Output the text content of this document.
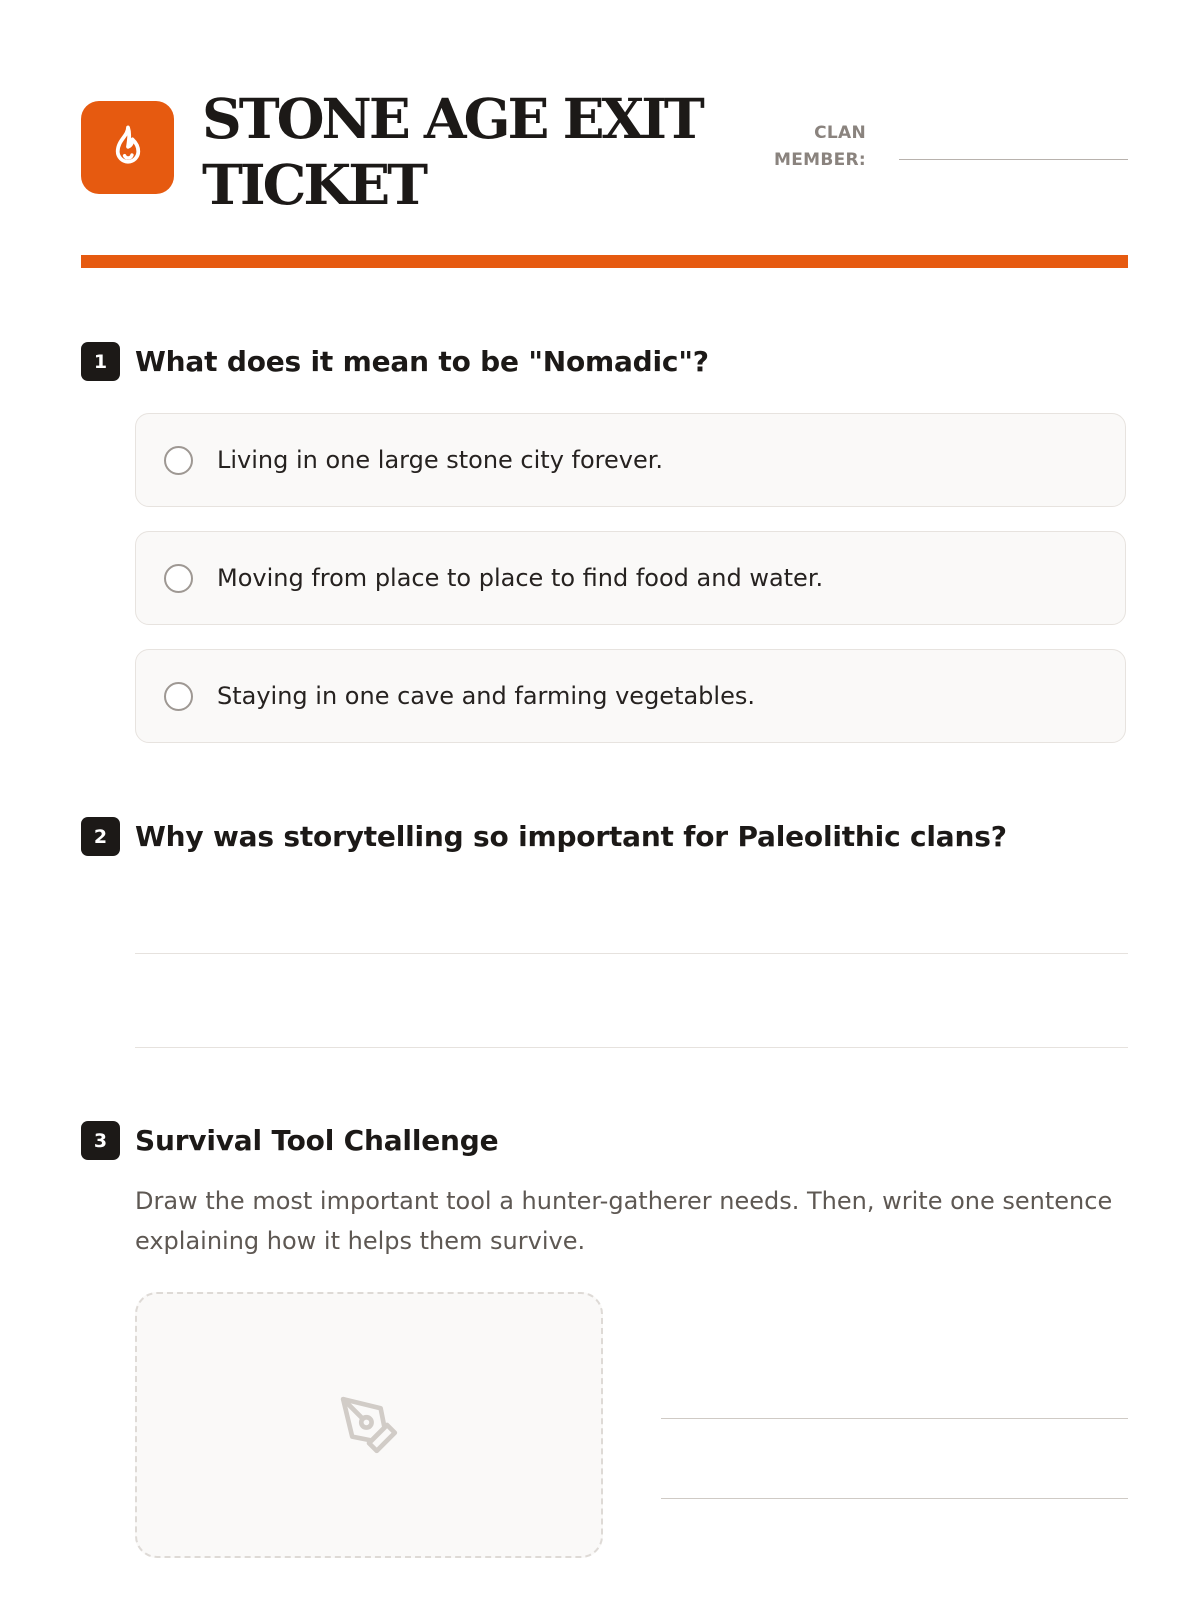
STONE AGE EXIT TICKET
CLAN MEMBER:
1 What does it mean to be "Nomadic"?
Living in one large stone city forever.
Moving from place to place to find food and water.
Staying in one cave and farming vegetables.
2 Why was storytelling so important for Paleolithic clans?
3 Survival Tool Challenge
Draw the most important tool a hunter-gatherer needs. Then, write one sentence explaining how it helps them survive.
